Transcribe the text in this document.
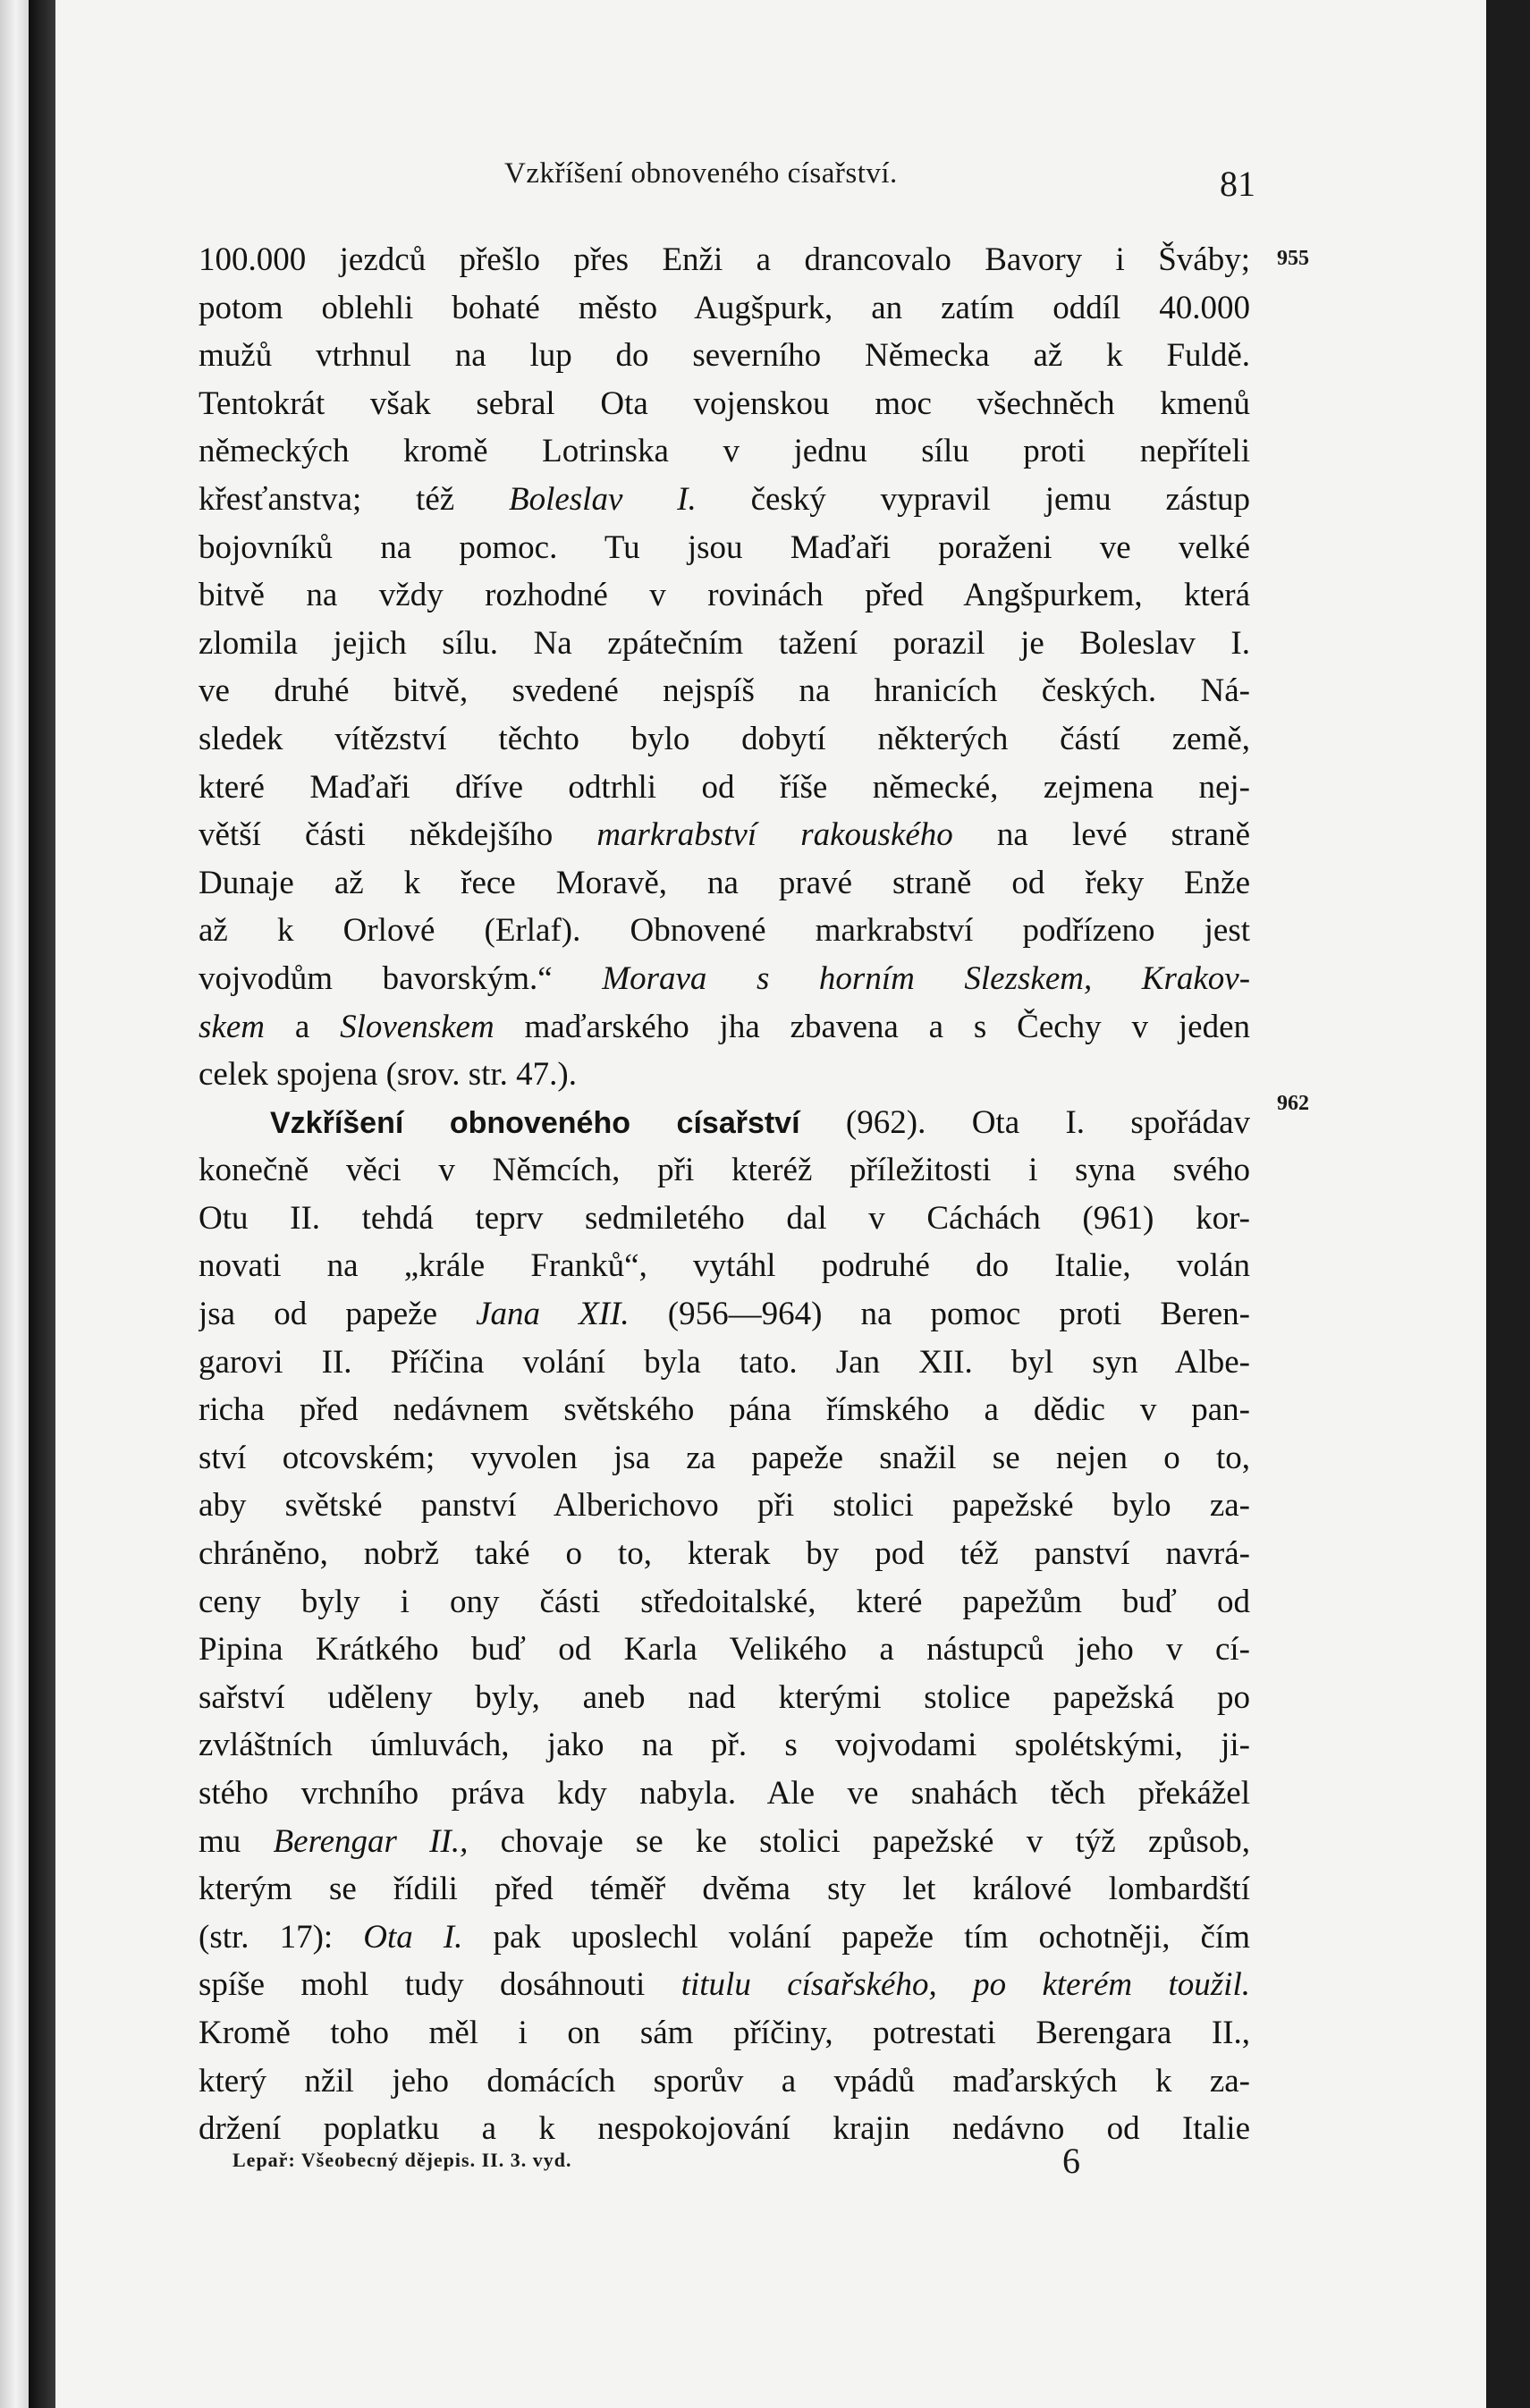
Vzkříšení obnoveného císařství.	81
955
962
100.000 jezdců přešlo přes Enži a drancovalo Bavory i Šváby;
potom oblehli bohaté město Augšpurk, an zatím oddíl 40.000
mužů vtrhnul na lup do severního Německa až k Fuldě.
Tentokrát však sebral Ota vojenskou moc všechněch kmenů
německých kromě Lotrinska v jednu sílu proti nepříteli
křesťanstva; též Boleslav I. český vypravil jemu zástup
bojovníků na pomoc. Tu jsou Maďaři poraženi ve velké
bitvě na vždy rozhodné v rovinách před Angšpurkem, která
zlomila jejich sílu. Na zpátečním tažení porazil je Boleslav I.
ve druhé bitvě, svedené nejspíš na hranicích českých. Ná-
sledek vítězství těchto bylo dobytí některých částí země,
které Maďaři dříve odtrhli od říše německé, zejmena nej-
větší části někdejšího markrabství rakouského na levé straně
Dunaje až k řece Moravě, na pravé straně od řeky Enže
až k Orlové (Erlaf). Obnovené markrabství podřízeno jest
vojvodům bavorským.“ Morava s horním Slezskem, Krakov-
skem a Slovenskem maďarského jha zbavena a s Čechy v jeden
celek spojena (srov. str. 47.).
Vzkříšení obnoveného císařství (962). Ota I. spořádav
konečně věci v Němcích, při kteréž příležitosti i syna svého
Otu II. tehdá teprv sedmiletého dal v Cáchách (961) kor-
novati na „krále Franků“, vytáhl podruhé do Italie, volán
jsa od papeže Jana XII. (956—964) na pomoc proti Beren-
garovi II. Příčina volání byla tato. Jan XII. byl syn Albe-
richa před nedávnem světského pána římského a dědic v pan-
ství otcovském; vyvolen jsa za papeže snažil se nejen o to,
aby světské panství Alberichovo při stolici papežské bylo za-
chráněno, nobrž také o to, kterak by pod též panství navrá-
ceny byly i ony části středoitalské, které papežům buď od
Pipina Krátkého buď od Karla Velikého a nástupců jeho v cí-
sařství uděleny byly, aneb nad kterými stolice papežská po
zvláštních úmluvách, jako na př. s vojvodami spolétskými, ji-
stého vrchního práva kdy nabyla. Ale ve snahách těch překážel
mu Berengar II., chovaje se ke stolici papežské v týž způsob,
kterým se řídili před téměř dvěma sty let králové lombardští
(str. 17): Ota I. pak uposlechl volání papeže tím ochotněji, čím
spíše mohl tudy dosáhnouti titulu císařského, po kterém toužil.
Kromě toho měl i on sám příčiny, potrestati Berengara II.,
který nžil jeho domácích sporův a vpádů maďarských k za-
držení poplatku a k nespokojování krajin nedávno od Italie
Lepař: Všeobecný dějepis. II. 3. vyd.	6
